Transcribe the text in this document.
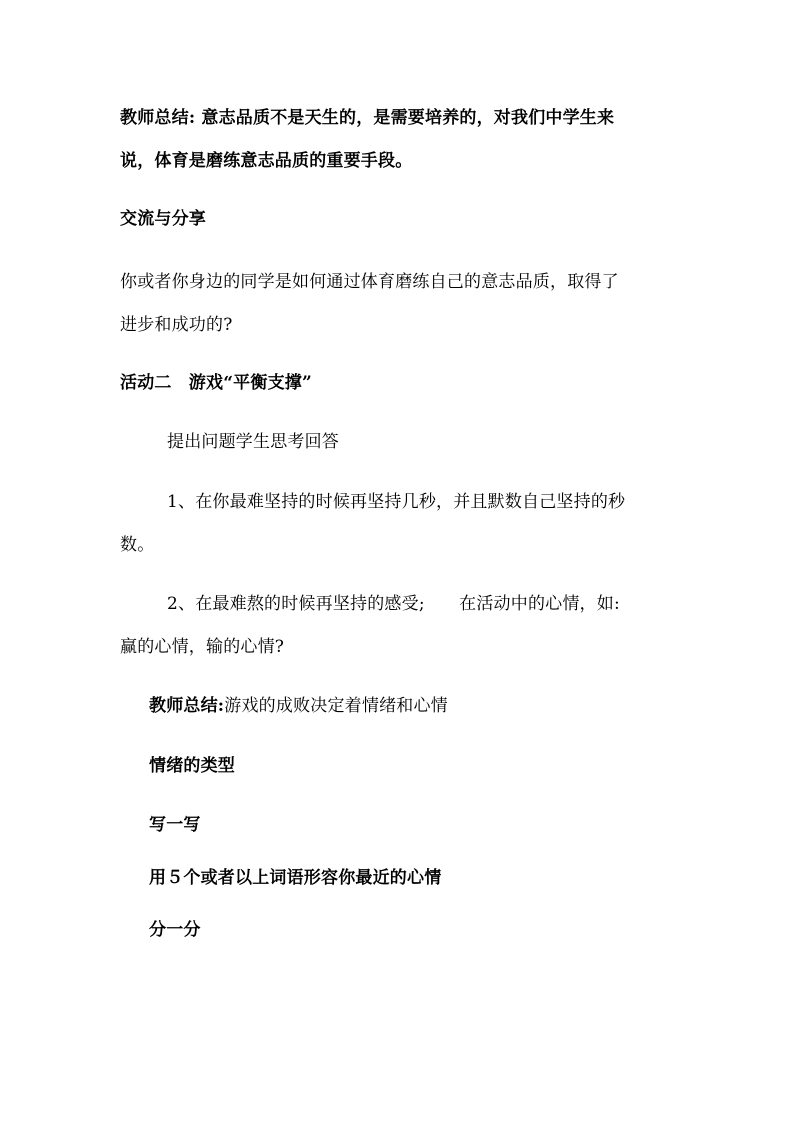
教师总结: 意志品质不是天生的，是需要培养的，对我们中学生来
说，体育是磨练意志品质的重要手段。
交流与分享
你或者你身边的同学是如何通过体育磨练自己的意志品质，取得了
进步和成功的?
活动二　游戏“平衡支撑”
提出问题学生思考回答
1、在你最难坚持的时候再坚持几秒，并且默数自己坚持的秒
数。
2、在最难熬的时候再坚持的感受;　　在活动中的心情，如:
赢的心情，输的心情?
教师总结:游戏的成败决定着情绪和心情
情绪的类型
写一写
用５个或者以上词语形容你最近的心情
分一分
